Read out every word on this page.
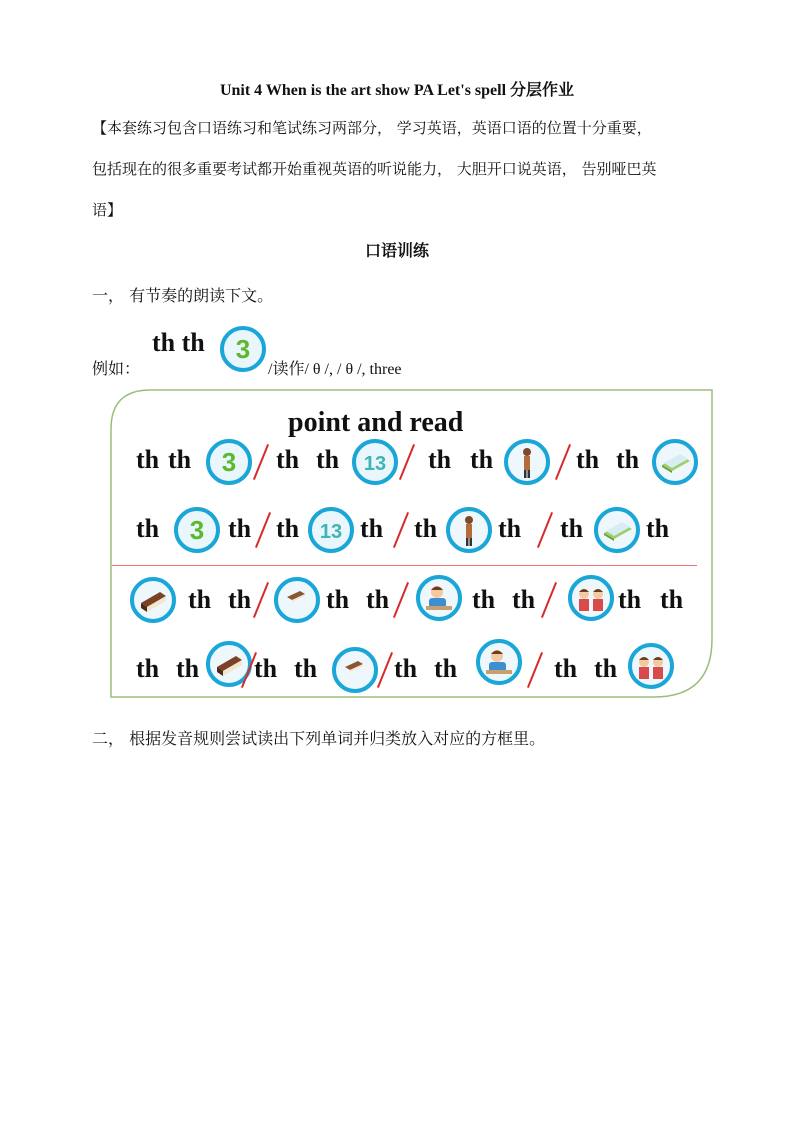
Unit 4 When is the art show PA Let's spell 分层作业
【本套练习包含口语练习和笔试练习两部分， 学习英语，英语口语的位置十分重要，
包括现在的很多重要考试都开始重视英语的听说能力， 大胆开口说英语， 告别哑巴英
语】
口语训练
一， 有节奏的朗读下文。
例如：
th th 3
/读作/ θ /, / θ /, three
point and read
th th 3 th th 13 th th	th th
th 3 th th 13 th th th th th
th th	th th	th th	th th
th th th th	th th	th th
二， 根据发音规则尝试读出下列单词并归类放入对应的方框里。
